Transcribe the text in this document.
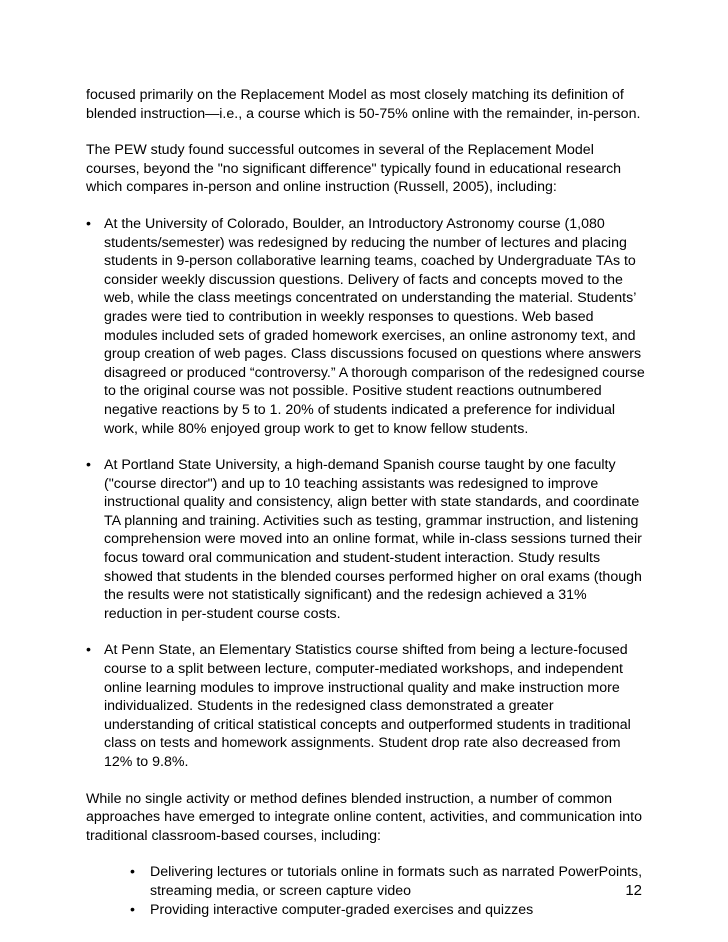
focused primarily on the Replacement Model as most closely matching its definition of blended instruction—i.e., a course which is 50-75% online with the remainder, in-person.

The PEW study found successful outcomes in several of the Replacement Model courses, beyond the "no significant difference" typically found in educational research which compares in-person and online instruction (Russell, 2005), including:

• At the University of Colorado, Boulder, an Introductory Astronomy course (1,080 students/semester) was redesigned by reducing the number of lectures and placing students in 9-person collaborative learning teams, coached by Undergraduate TAs to consider weekly discussion questions. Delivery of facts and concepts moved to the web, while the class meetings concentrated on understanding the material. Students’ grades were tied to contribution in weekly responses to questions. Web based modules included sets of graded homework exercises, an online astronomy text, and group creation of web pages. Class discussions focused on questions where answers disagreed or produced “controversy.” A thorough comparison of the redesigned course to the original course was not possible. Positive student reactions outnumbered negative reactions by 5 to 1. 20% of students indicated a preference for individual work, while 80% enjoyed group work to get to know fellow students.
• At Portland State University, a high-demand Spanish course taught by one faculty ("course director") and up to 10 teaching assistants was redesigned to improve instructional quality and consistency, align better with state standards, and coordinate TA planning and training. Activities such as testing, grammar instruction, and listening comprehension were moved into an online format, while in-class sessions turned their focus toward oral communication and student-student interaction. Study results showed that students in the blended courses performed higher on oral exams (though the results were not statistically significant) and the redesign achieved a 31% reduction in per-student course costs.
• At Penn State, an Elementary Statistics course shifted from being a lecture-focused course to a split between lecture, computer-mediated workshops, and independent online learning modules to improve instructional quality and make instruction more individualized. Students in the redesigned class demonstrated a greater understanding of critical statistical concepts and outperformed students in traditional class on tests and homework assignments. Student drop rate also decreased from 12% to 9.8%.

While no single activity or method defines blended instruction, a number of common approaches have emerged to integrate online content, activities, and communication into traditional classroom-based courses, including:

• Delivering lectures or tutorials online in formats such as narrated PowerPoints, streaming media, or screen capture video
• Providing interactive computer-graded exercises and quizzes
12
